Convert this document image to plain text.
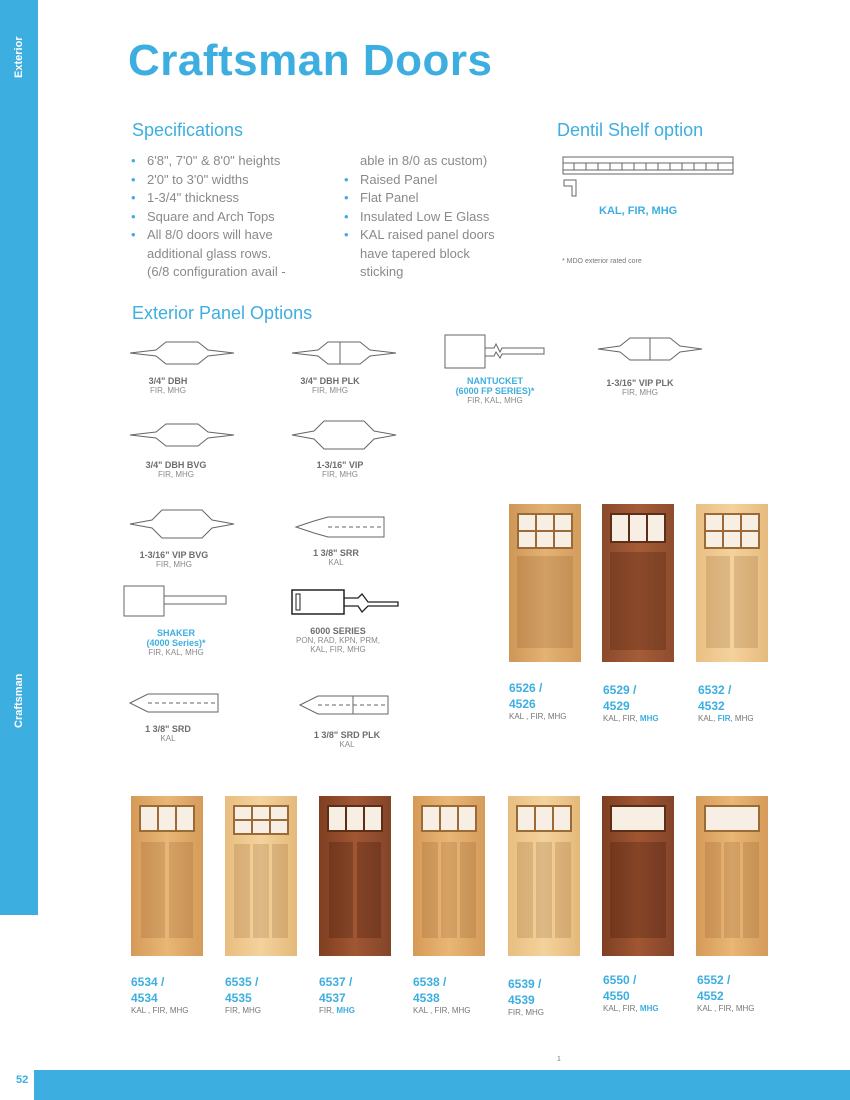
Exterior
Craftsman
52
1
Craftsman Doors
Specifications
• 6'8", 7'0" & 8'0" heights
• 2'0" to 3'0" widths
• 1-3/4" thickness
• Square and Arch Tops
• All 8/0 doors will have
additional glass rows.
(6/8 configuration avail -
able in 8/0 as custom)
• Raised Panel
• Flat Panel
• Insulated Low E Glass
• KAL raised panel doors
have tapered block
sticking
Dentil Shelf option
KAL, FIR, MHG
* MDO exterior rated core
Exterior Panel Options
3/4" DBH
FIR, MHG
3/4" DBH PLK
FIR, MHG
NANTUCKET
(6000 FP SERIES)*
FIR, KAL, MHG
1-3/16" VIP PLK
FIR, MHG
3/4" DBH BVG
FIR, MHG
1-3/16" VIP
FIR, MHG
1-3/16" VIP BVG
FIR, MHG
1 3/8" SRR
KAL
SHAKER
(4000 Series)*
FIR, KAL, MHG
6000 SERIES
PON, RAD, KPN, PRM,
KAL, FIR, MHG
1 3/8" SRD
KAL	1 3/8" SRD PLK
KAL
6526 /
4526
KAL , FIR, MHG
6529 /
4529
KAL, FIR, MHG
6532 /
4532
KAL, FIR, MHG
6534 /
4534
KAL , FIR, MHG
6535 /
4535
FIR, MHG
6537 /
4537
FIR, MHG
6538 /
4538
KAL , FIR, MHG
6539 /
4539
FIR, MHG
6550 /
4550
KAL, FIR, MHG
6552 /
4552
KAL , FIR, MHG
